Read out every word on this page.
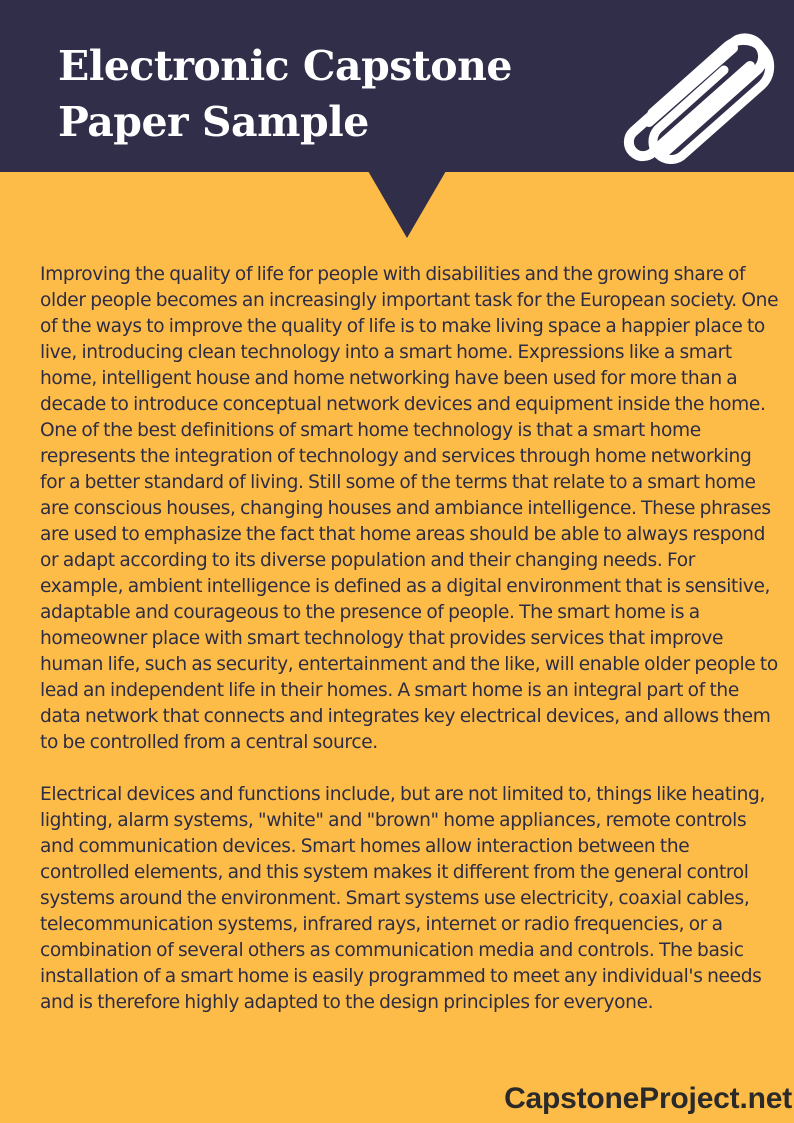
Electronic Capstone
Paper Sample

Improving the quality of life for people with disabilities and the growing share of older people becomes an increasingly important task for the European society. One of the ways to improve the quality of life is to make living space a happier place to live, introducing clean technology into a smart home. Expressions like a smart home, intelligent house and home networking have been used for more than a decade to introduce conceptual network devices and equipment inside the home. One of the best definitions of smart home technology is that a smart home represents the integration of technology and services through home networking for a better standard of living. Still some of the terms that relate to a smart home are conscious houses, changing houses and ambiance intelligence. These phrases are used to emphasize the fact that home areas should be able to always respond or adapt according to its diverse population and their changing needs. For example, ambient intelligence is defined as a digital environment that is sensitive, adaptable and courageous to the presence of people. The smart home is a homeowner place with smart technology that provides services that improve human life, such as security, entertainment and the like, will enable older people to lead an independent life in their homes. A smart home is an integral part of the data network that connects and integrates key electrical devices, and allows them to be controlled from a central source.

Electrical devices and functions include, but are not limited to, things like heating, lighting, alarm systems, "white" and "brown" home appliances, remote controls and communication devices. Smart homes allow interaction between the controlled elements, and this system makes it different from the general control systems around the environment. Smart systems use electricity, coaxial cables, telecommunication systems, infrared rays, internet or radio frequencies, or a combination of several others as communication media and controls. The basic installation of a smart home is easily programmed to meet any individual's needs and is therefore highly adapted to the design principles for everyone.

CapstoneProject.net
